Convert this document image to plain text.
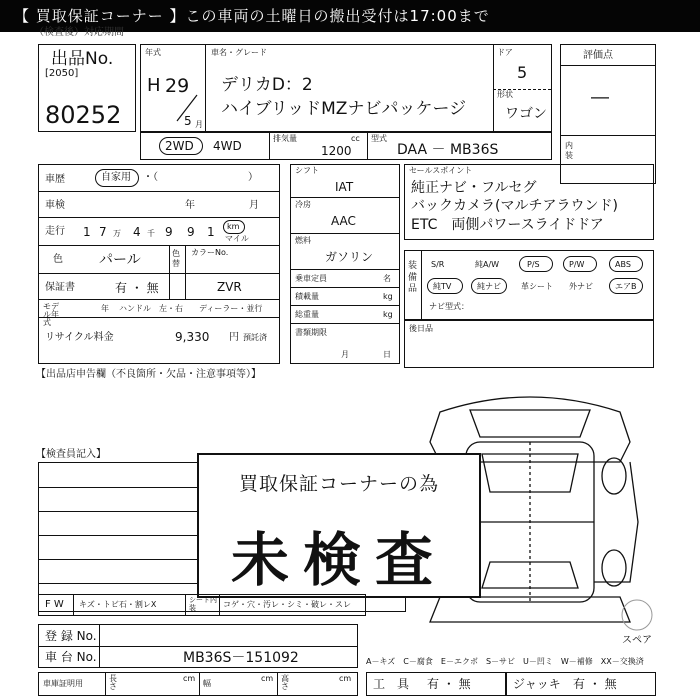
【 買取保証コーナー 】この車両の土曜日の搬出受付は17:00まで
（検査後）対応期間
出品No.
[2050]
80252
年式
H 29
5 月
車名・グレード
デリカD：2
ハイブリッドMZナビパッケージ
ドア
5
形状
ワゴン
評価点
―
内装
2WD 4WD
排気量	cc
1200
型式
DAA － MB36S
車歴	自家用 ・（　　　　　　　　　）
車検	年	月
走行 1 7 万 4 千 9 9 1 km
マイル
色	パール	色替
カラーNo.
ZVR
保証書	有 ・ 無
モデル年式
年 ハンドル　左・右 ディーラー・並行
リサイクル料金	9,330 円 預託済
【出品店申告欄（不良箇所・欠品・注意事項等）】
シフト
IAT
冷房
AAC
燃料
ガソリン
乗車定員	名
積載量	kg
総重量	kg
書類期限
月	日
セールスポイント
純正ナビ・フルセグ
バックカメラ(マルチアラウンド)
ETC　両側パワースライドドア
装備品
S/R	純A/W	P/S	P/W	ABS
純TV	純ナビ	革シート 外ナビ	エアB
ナビ型式：
後日品
【検査員記入】
買取保証コーナーの為
未検査
F W キズ・トビ石・割レX	シート内装	コゲ・穴・汚レ・シミ・破レ・スレ
登 録 No.
車 台 No.	MB36S－151092
車庫証明用
長さ
cm
幅
cm 高さ
cm
スペア
A－キズ　C－腐食　E－エクボ　S－サビ　U－凹ミ　W－補修　XX－交換済
工　具 有 ・ 無	ジャッキ 有 ・ 無
